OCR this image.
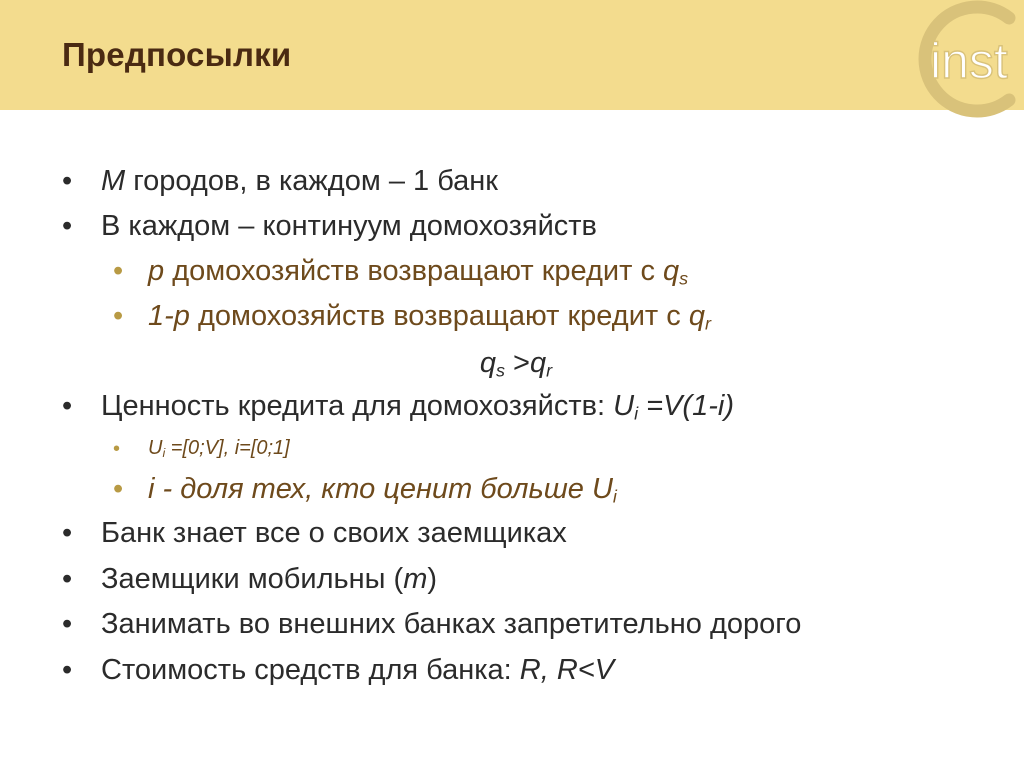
Предпосылки	inst
• M городов, в каждом – 1 банк
• В каждом – континуум домохозяйств
• p домохозяйств возвращают кредит с $q_s$
• 1-p домохозяйств возвращают кредит с $q_r$
$q_s >q_r$
• Ценность кредита для домохозяйств: $U_i =V(1-i)$
• $U_i$ =[0;V], i=[0;1]
• i - доля тех, кто ценит больше $U_i$
• Банк знает все о своих заемщиках
• Заемщики мобильны (m)
• Занимать во внешних банках запретительно дорого
• Стоимость средств для банка: R, R<V
